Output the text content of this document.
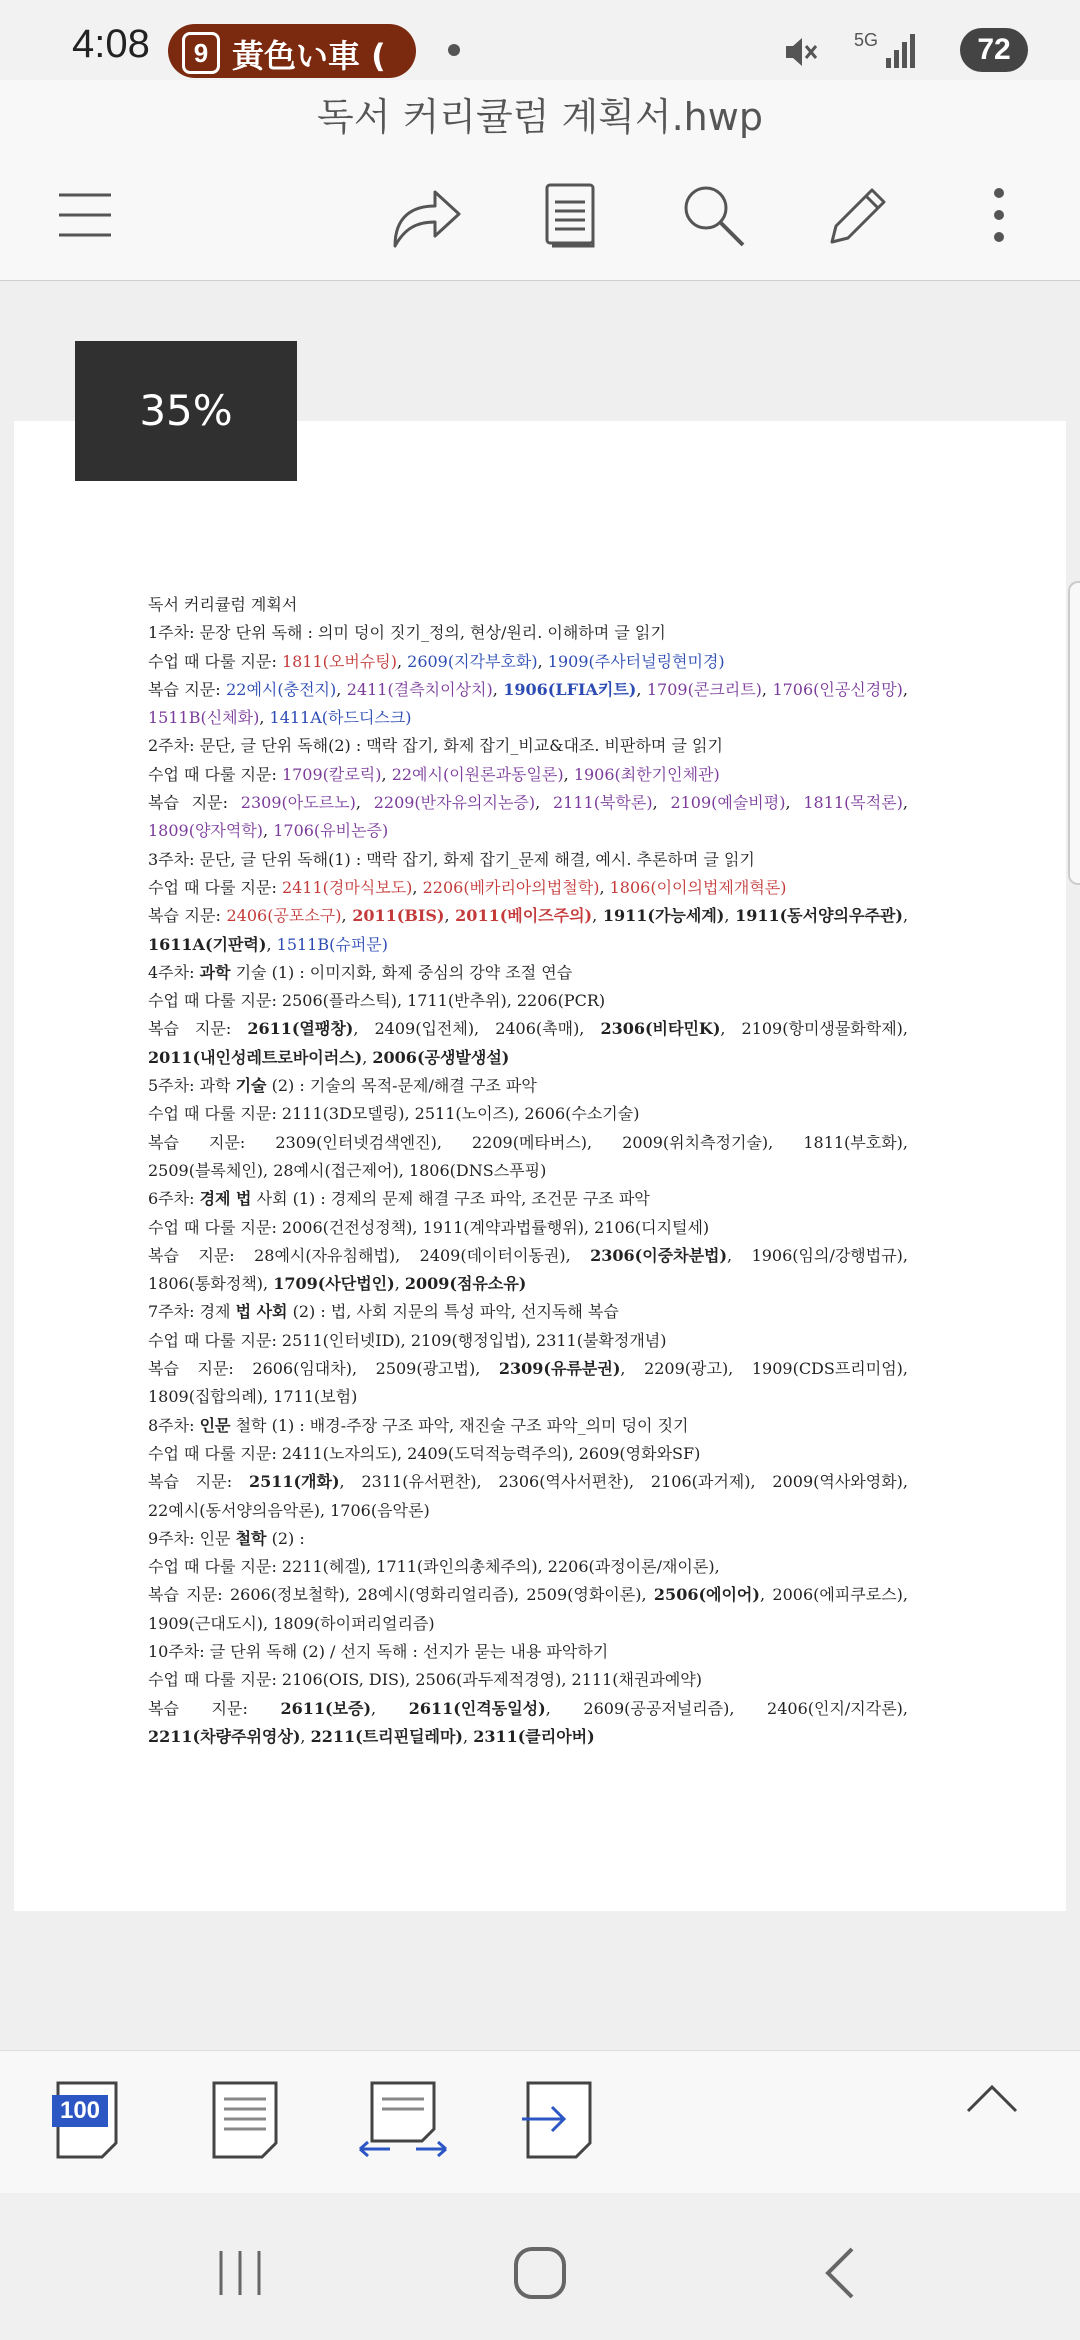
4:08	9 黃色い車 (	5G	72
독서 커리큘럼 계획서.hwp
35%
독서 커리큘럼 계획서
1주차: 문장 단위 독해 : 의미 덩이 짓기_정의, 현상/원리. 이해하며 글 읽기
수업 때 다룰 지문: 1811(오버슈팅), 2609(지각부호화), 1909(주사터널링현미경)
복습 지문: 22예시(충전지), 2411(결측치이상치), 1906(LFIA키트), 1709(콘크리트), 1706(인공신경망),
1511B(신체화), 1411A(하드디스크)
2주차: 문단, 글 단위 독해(2) : 맥락 잡기, 화제 잡기_비교&대조. 비판하며 글 읽기
수업 때 다룰 지문: 1709(칼로릭), 22예시(이원론과동일론), 1906(최한기인체관)
복습 지문: 2309(아도르노), 2209(반자유의지논증), 2111(북학론), 2109(예술비평), 1811(목적론),
1809(양자역학), 1706(유비논증)
3주차: 문단, 글 단위 독해(1) : 맥락 잡기, 화제 잡기_문제 해결, 예시. 추론하며 글 읽기
수업 때 다룰 지문: 2411(경마식보도), 2206(베카리아의법철학), 1806(이이의법제개혁론)
복습 지문: 2406(공포소구), 2011(BIS), 2011(베이즈주의), 1911(가능세계), 1911(동서양의우주관),
1611A(기판력), 1511B(슈퍼문)
4주차: 과학 기술 (1) : 이미지화, 화제 중심의 강약 조절 연습
수업 때 다룰 지문: 2506(플라스틱), 1711(반추위), 2206(PCR)
복습 지문: 2611(열팽창), 2409(입전체), 2406(촉매), 2306(비타민K), 2109(항미생물화학제),
2011(내인성레트로바이러스), 2006(공생발생설)
5주차: 과학 기술 (2) : 기술의 목적-문제/해결 구조 파악
수업 때 다룰 지문: 2111(3D모델링), 2511(노이즈), 2606(수소기술)
복습 지문: 2309(인터넷검색엔진), 2209(메타버스), 2009(위치측정기술), 1811(부호화),
2509(블록체인), 28예시(접근제어), 1806(DNS스푸핑)
6주차: 경제 법 사회 (1) : 경제의 문제 해결 구조 파악, 조건문 구조 파악
수업 때 다룰 지문: 2006(건전성정책), 1911(계약과법률행위), 2106(디지털세)
복습 지문: 28예시(자유침해법), 2409(데이터이동권), 2306(이중차분법), 1906(임의/강행법규),
1806(통화정책), 1709(사단법인), 2009(점유소유)
7주차: 경제 법 사회 (2) : 법, 사회 지문의 특성 파악, 선지독해 복습
수업 때 다룰 지문: 2511(인터넷ID), 2109(행정입법), 2311(불확정개념)
복습 지문: 2606(임대차), 2509(광고법), 2309(유류분권), 2209(광고), 1909(CDS프리미엄),
1809(집합의례), 1711(보험)
8주차: 인문 철학 (1) : 배경-주장 구조 파악, 재진술 구조 파악_의미 덩이 짓기
수업 때 다룰 지문: 2411(노자의도), 2409(도덕적능력주의), 2609(영화와SF)
복습 지문: 2511(개화), 2311(유서편찬), 2306(역사서편찬), 2106(과거제), 2009(역사와영화),
22예시(동서양의음악론), 1706(음악론)
9주차: 인문 철학 (2) :
수업 때 다룰 지문: 2211(헤겔), 1711(콰인의총체주의), 2206(과정이론/재이론),
복습 지문: 2606(정보철학), 28예시(영화리얼리즘), 2509(영화이론), 2506(에이어), 2006(에피쿠로스),
1909(근대도시), 1809(하이퍼리얼리즘)
10주차: 글 단위 독해 (2) / 선지 독해 : 선지가 묻는 내용 파악하기
수업 때 다룰 지문: 2106(OIS, DIS), 2506(과두제적경영), 2111(채권과예약)
복습 지문: 2611(보증), 2611(인격동일성), 2609(공공저널리즘), 2406(인지/지각론),
2211(차량주위영상), 2211(트리핀딜레마), 2311(클리아버)
100
